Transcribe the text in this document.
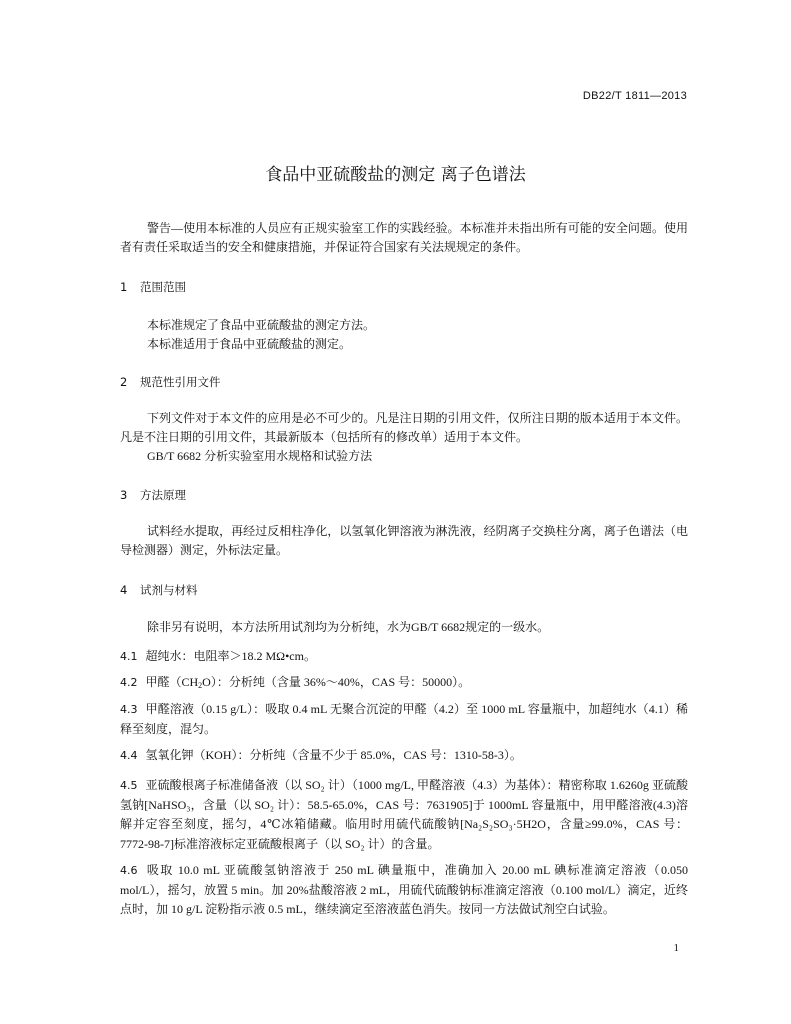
DB22/T 1811—2013
食品中亚硫酸盐的测定 离子色谱法
警告—使用本标准的人员应有正规实验室工作的实践经验。本标准并未指出所有可能的安全问题。使用者有责任采取适当的安全和健康措施，并保证符合国家有关法规规定的条件。
1 范围范围
本标准规定了食品中亚硫酸盐的测定方法。
本标准适用于食品中亚硫酸盐的测定。
2 规范性引用文件
下列文件对于本文件的应用是必不可少的。凡是注日期的引用文件，仅所注日期的版本适用于本文件。凡是不注日期的引用文件，其最新版本（包括所有的修改单）适用于本文件。
GB/T 6682 分析实验室用水规格和试验方法
3 方法原理
试料经水提取，再经过反相柱净化，以氢氧化钾溶液为淋洗液，经阴离子交换柱分离，离子色谱法（电导检测器）测定，外标法定量。
4 试剂与材料
除非另有说明，本方法所用试剂均为分析纯，水为GB/T 6682规定的一级水。
4.1 超纯水：电阻率＞18.2 MΩ•cm。
4.2 甲醛$(CH_2O)$：分析纯（含量 36%～40%，CAS 号：50000）。
4.3 甲醛溶液（0.15 g/L）：吸取 0.4 mL 无聚合沉淀的甲醛（4.2）至 1000 mL 容量瓶中，加超纯水（4.1）稀释至刻度，混匀。
4.4 氢氧化钾（KOH）：分析纯（含量不少于 85.0%，CAS 号：1310-58-3）。
4.5 亚硫酸根离子标准储备液（以 SO₂ 计）（1000 mg/L, 甲醛溶液（4.3）为基体）：精密称取 1.6260g 亚硫酸氢钠[NaHSO₃，含量（以 SO₂ 计）：58.5-65.0%，CAS 号：7631905]于 1000mL 容量瓶中，用甲醛溶液(4.3)溶解并定容至刻度，摇匀，4℃冰箱储藏。临用时用硫代硫酸钠[Na₂S₂SO₃·5H2O，含量≥99.0%，CAS 号：7772-98-7]标准溶液标定亚硫酸根离子（以 SO₂ 计）的含量。
4.6 吸取 10.0 mL 亚硫酸氢钠溶液于 250 mL 碘量瓶中，准确加入 20.00 mL 碘标准滴定溶液（0.050 mol/L），摇匀，放置 5 min。加 20%盐酸溶液 2 mL，用硫代硫酸钠标准滴定溶液（0.100 mol/L）滴定，近终点时，加 10 g/L 淀粉指示液 0.5 mL，继续滴定至溶液蓝色消失。按同一方法做试剂空白试验。
1
